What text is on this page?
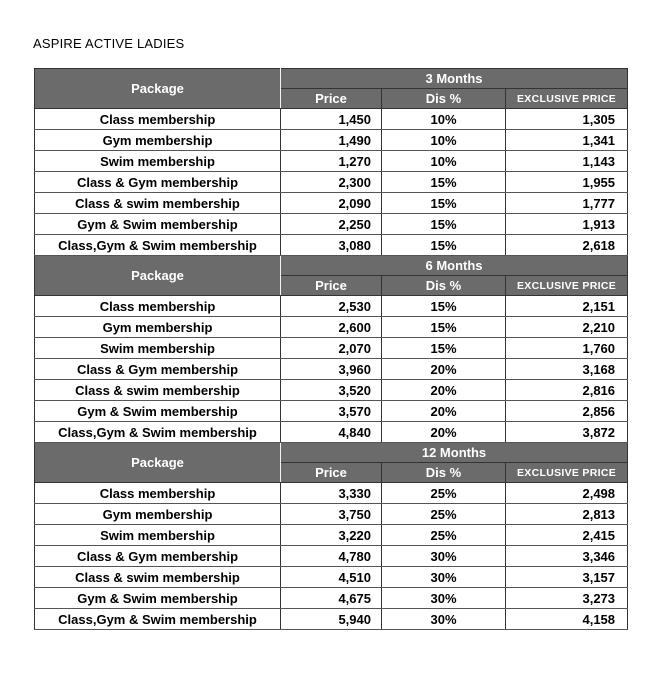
ASPIRE ACTIVE LADIES
Package	3 Months		
	Price	Dis %	EXCLUSIVE PRICE
Class membership	1,450	10%	1,305
Gym membership	1,490	10%	1,341
Swim membership	1,270	10%	1,143
Class & Gym membership	2,300	15%	1,955
Class & swim membership	2,090	15%	1,777
Gym & Swim membership	2,250	15%	1,913
Class,Gym & Swim membership	3,080	15%	2,618
Package	6 Months		
	Price	Dis %	EXCLUSIVE PRICE
Class membership	2,530	15%	2,151
Gym membership	2,600	15%	2,210
Swim membership	2,070	15%	1,760
Class & Gym membership	3,960	20%	3,168
Class & swim membership	3,520	20%	2,816
Gym & Swim membership	3,570	20%	2,856
Class,Gym & Swim membership	4,840	20%	3,872
Package	12 Months		
	Price	Dis %	EXCLUSIVE PRICE
Class membership	3,330	25%	2,498
Gym membership	3,750	25%	2,813
Swim membership	3,220	25%	2,415
Class & Gym membership	4,780	30%	3,346
Class & swim membership	4,510	30%	3,157
Gym & Swim membership	4,675	30%	3,273
Class,Gym & Swim membership	5,940	30%	4,158
